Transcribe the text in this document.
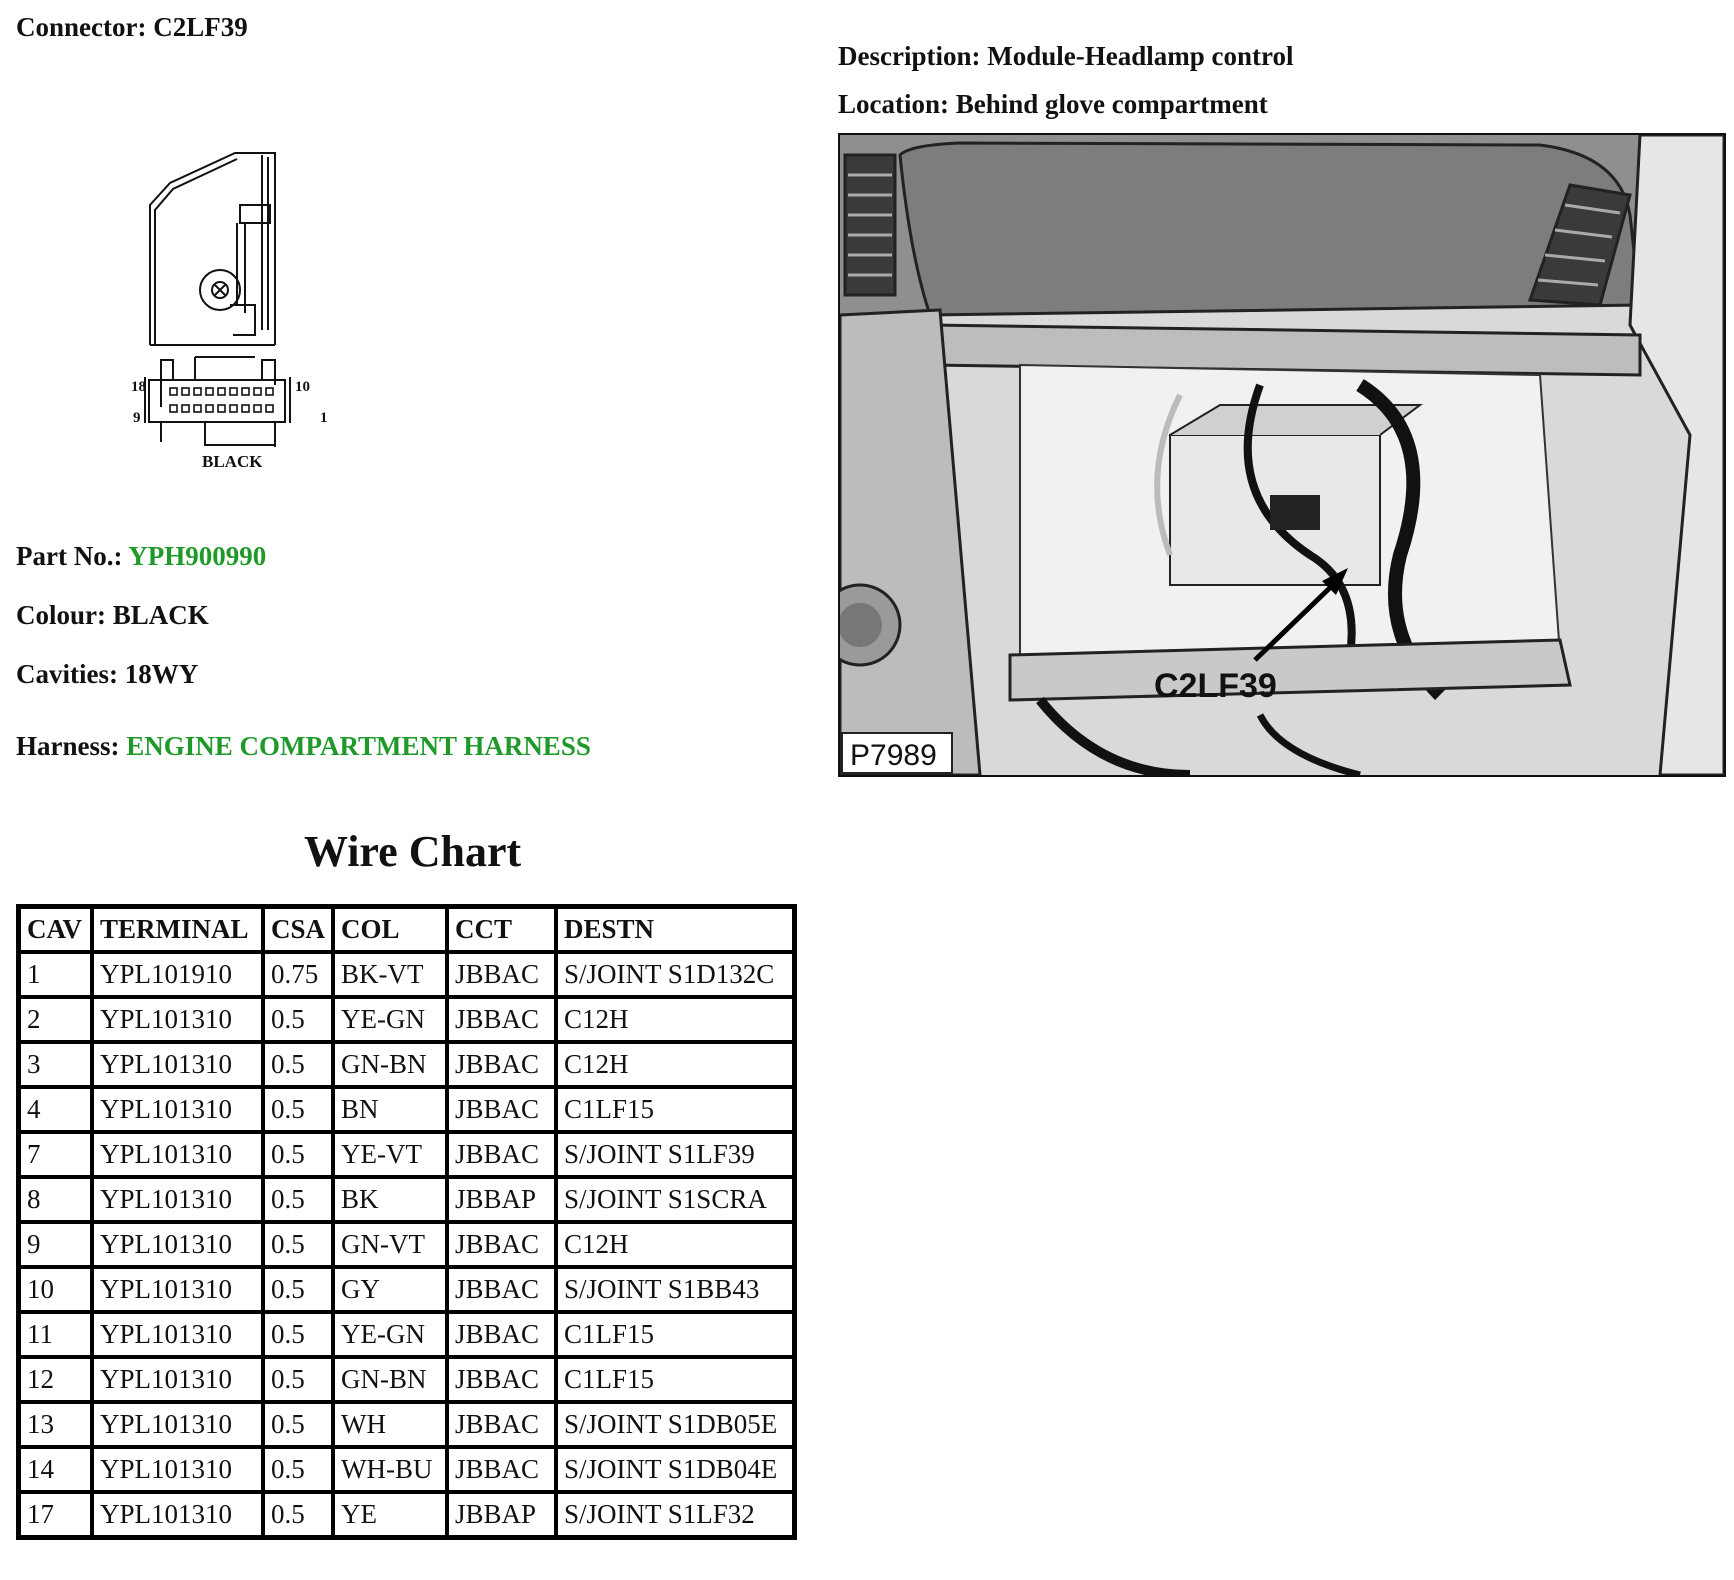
Connector: C2LF39
Description: Module-Headlamp control
Location: Behind glove compartment
18	10
9	1
BLACK
C2LF39
P7989
Part No.: YPH900990
Colour: BLACK
Cavities: 18WY
Harness: ENGINE COMPARTMENT HARNESS
Wire Chart
CAV	TERMINAL	CSA	COL	CCT	DESTN
1	YPL101910	0.75	BK-VT	JBBAC	S/JOINT S1D132C
2	YPL101310	0.5	YE-GN	JBBAC	C12H
3	YPL101310	0.5	GN-BN	JBBAC	C12H
4	YPL101310	0.5	BN	JBBAC	C1LF15
7	YPL101310	0.5	YE-VT	JBBAC	S/JOINT S1LF39
8	YPL101310	0.5	BK	JBBAP	S/JOINT S1SCRA
9	YPL101310	0.5	GN-VT	JBBAC	C12H
10	YPL101310	0.5	GY	JBBAC	S/JOINT S1BB43
11	YPL101310	0.5	YE-GN	JBBAC	C1LF15
12	YPL101310	0.5	GN-BN	JBBAC	C1LF15
13	YPL101310	0.5	WH	JBBAC	S/JOINT S1DB05E
14	YPL101310	0.5	WH-BU	JBBAC	S/JOINT S1DB04E
17	YPL101310	0.5	YE	JBBAP	S/JOINT S1LF32
